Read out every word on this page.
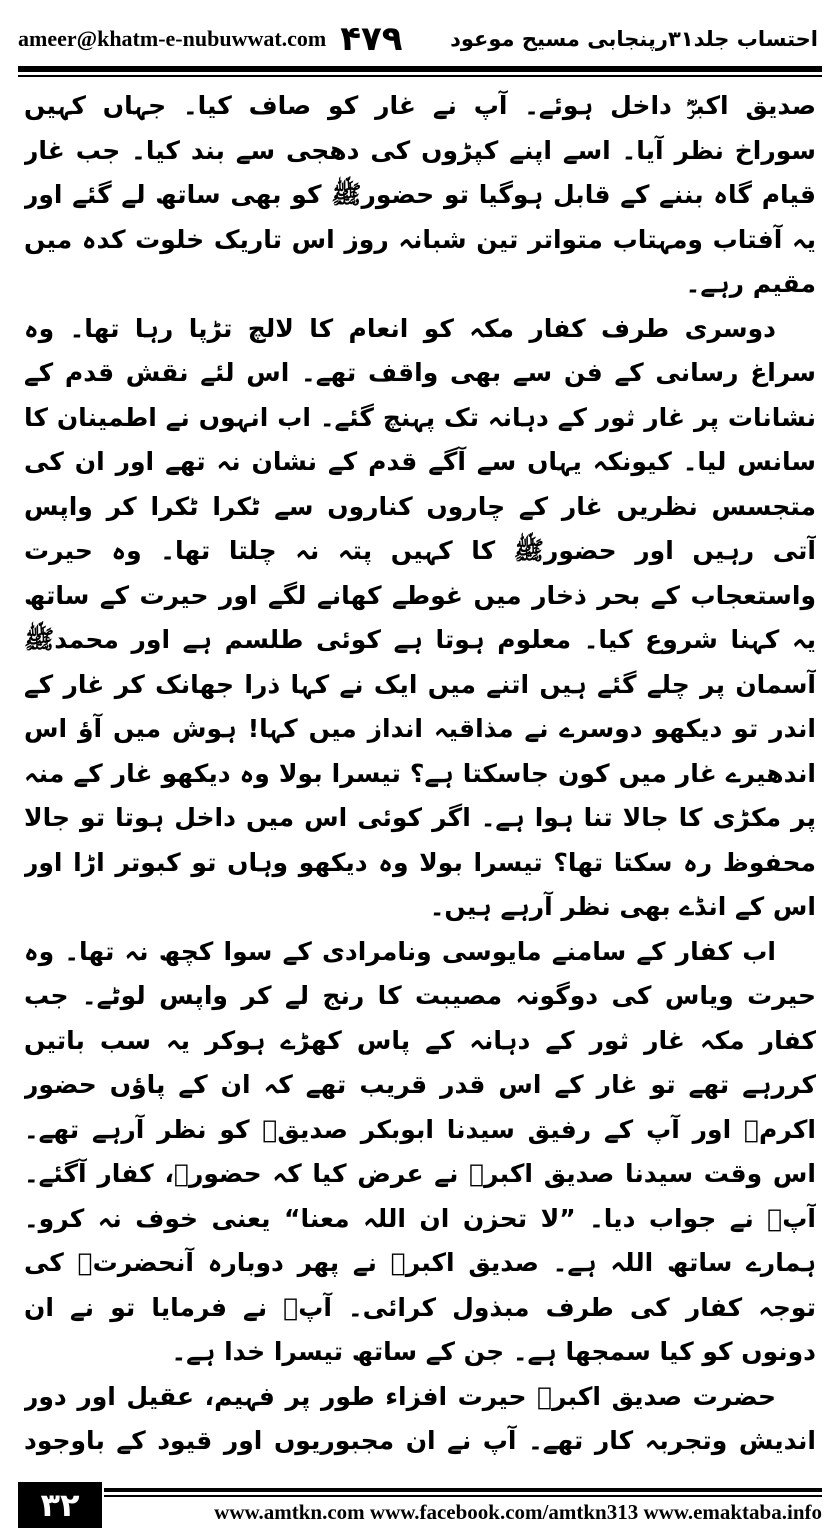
ameer@khatm-e-nubuwwat.com ۴۷۹ احتساب جلد۳۱رپنجابی مسیح موعود

صدیق اکبرؓ داخل ہوئے۔ آپ نے غار کو صاف کیا۔ جہاں کہیں سوراخ نظر آیا۔ اسے اپنے کپڑوں کی دھجی سے بند کیا۔ جب غار قیام گاہ بننے کے قابل ہوگیا تو حضورﷺ کو بھی ساتھ لے گئے اور یہ آفتاب ومہتاب متواتر تین شبانہ روز اس تاریک خلوت کدہ میں مقیم رہے۔

دوسری طرف کفار مکہ کو انعام کا لالچ تڑپا رہا تھا۔ وہ سراغ رسانی کے فن سے بھی واقف تھے۔ اس لئے نقش قدم کے نشانات پر غار ثور کے دہانہ تک پہنچ گئے۔ اب انہوں نے اطمینان کا سانس لیا۔ کیونکہ یہاں سے آگے قدم کے نشان نہ تھے اور ان کی متجسس نظریں غار کے چاروں کناروں سے ٹکرا ٹکرا کر واپس آتی رہیں اور حضورﷺ کا کہیں پتہ نہ چلتا تھا۔ وہ حیرت واستعجاب کے بحر ذخار میں غوطے کھانے لگے اور حیرت کے ساتھ یہ کہنا شروع کیا۔ معلوم ہوتا ہے کوئی طلسم ہے اور محمدﷺ آسمان پر چلے گئے ہیں اتنے میں ایک نے کہا ذرا جھانک کر غار کے اندر تو دیکھو دوسرے نے مذاقیہ انداز میں کہا! ہوش میں آؤ اس اندھیرے غار میں کون جاسکتا ہے؟ تیسرا بولا وہ دیکھو غار کے منہ پر مکڑی کا جالا تنا ہوا ہے۔ اگر کوئی اس میں داخل ہوتا تو جالا محفوظ رہ سکتا تھا؟ تیسرا بولا وہ دیکھو وہاں تو کبوتر اڑا اور اس کے انڈے بھی نظر آرہے ہیں۔

اب کفار کے سامنے مایوسی ونامرادی کے سوا کچھ نہ تھا۔ وہ حیرت ویاس کی دوگونہ مصیبت کا رنج لے کر واپس لوٹے۔ جب کفار مکہ غار ثور کے دہانہ کے پاس کھڑے ہوکر یہ سب باتیں کررہے تھے تو غار کے اس قدر قریب تھے کہ ان کے پاؤں حضور اکرمﷺ اور آپ کے رفیق سیدنا ابوبکر صدیقؓ کو نظر آرہے تھے۔ اس وقت سیدنا صدیق اکبرؓ نے عرض کیا کہ حضورﷺ، کفار آگئے۔ آپؐ نے جواب دیا۔ ”لا تحزن ان اللہ معنا“ یعنی خوف نہ کرو۔ ہمارے ساتھ اللہ ہے۔ صدیق اکبرؓ نے پھر دوبارہ آنحضرتﷺ کی توجہ کفار کی طرف مبذول کرائی۔ آپؐ نے فرمایا تو نے ان دونوں کو کیا سمجھا ہے۔ جن کے ساتھ تیسرا خدا ہے۔

حضرت صدیق اکبرؓ حیرت افزاء طور پر فہیم، عقیل اور دور اندیش وتجربہ کار تھے۔ آپ نے ان مجبوریوں اور قیود کے باوجود

۳۲	www.amtkn.com www.facebook.com/amtkn313 www.emaktaba.info
